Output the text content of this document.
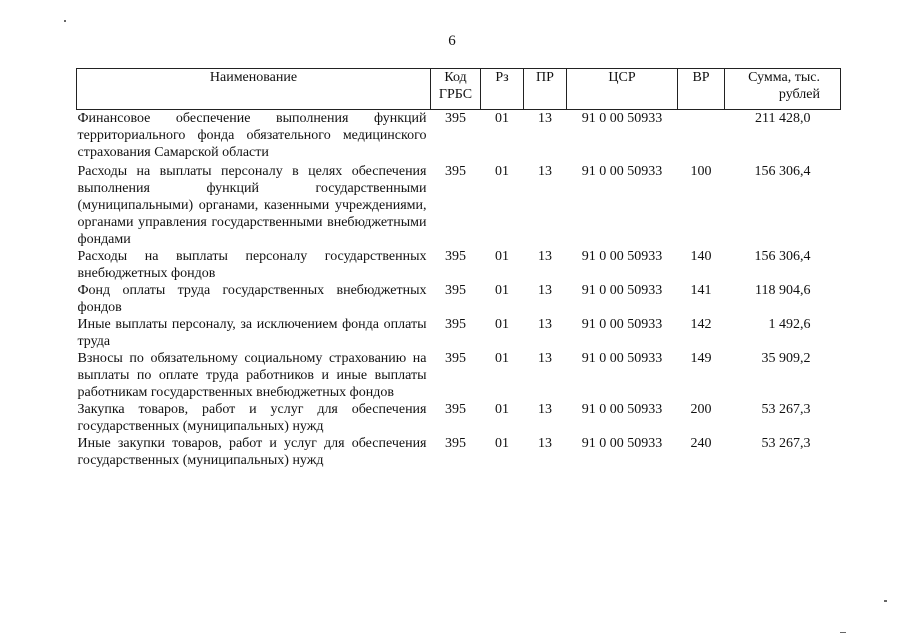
6
Наименование	Код ГРБС	Рз	ПР	ЦСР	ВР	Сумма, тыс. рублей
Финансовое обеспечение выполнения функций территориального фонда обязательного медицинского страхования Самарской области	395	01	13	91 0 00 50933		211 428,0
Расходы на выплаты персоналу в целях обеспечения выполнения функций государственными (муниципальными) органами, казенными учреждениями, органами управления государственными внебюджетными фондами	395	01	13	91 0 00 50933	100	156 306,4
Расходы на выплаты персоналу государственных внебюджетных фондов	395	01	13	91 0 00 50933	140	156 306,4
Фонд оплаты труда государственных внебюджетных фондов	395	01	13	91 0 00 50933	141	118 904,6
Иные выплаты персоналу, за исключением фонда оплаты труда	395	01	13	91 0 00 50933	142	1 492,6
Взносы по обязательному социальному страхованию на выплаты по оплате труда работников и иные выплаты работникам государственных внебюджетных фондов	395	01	13	91 0 00 50933	149	35 909,2
Закупка товаров, работ и услуг для обеспечения государственных (муниципальных) нужд	395	01	13	91 0 00 50933	200	53 267,3
Иные закупки товаров, работ и услуг для обеспечения государственных (муниципальных) нужд	395	01	13	91 0 00 50933	240	53 267,3
